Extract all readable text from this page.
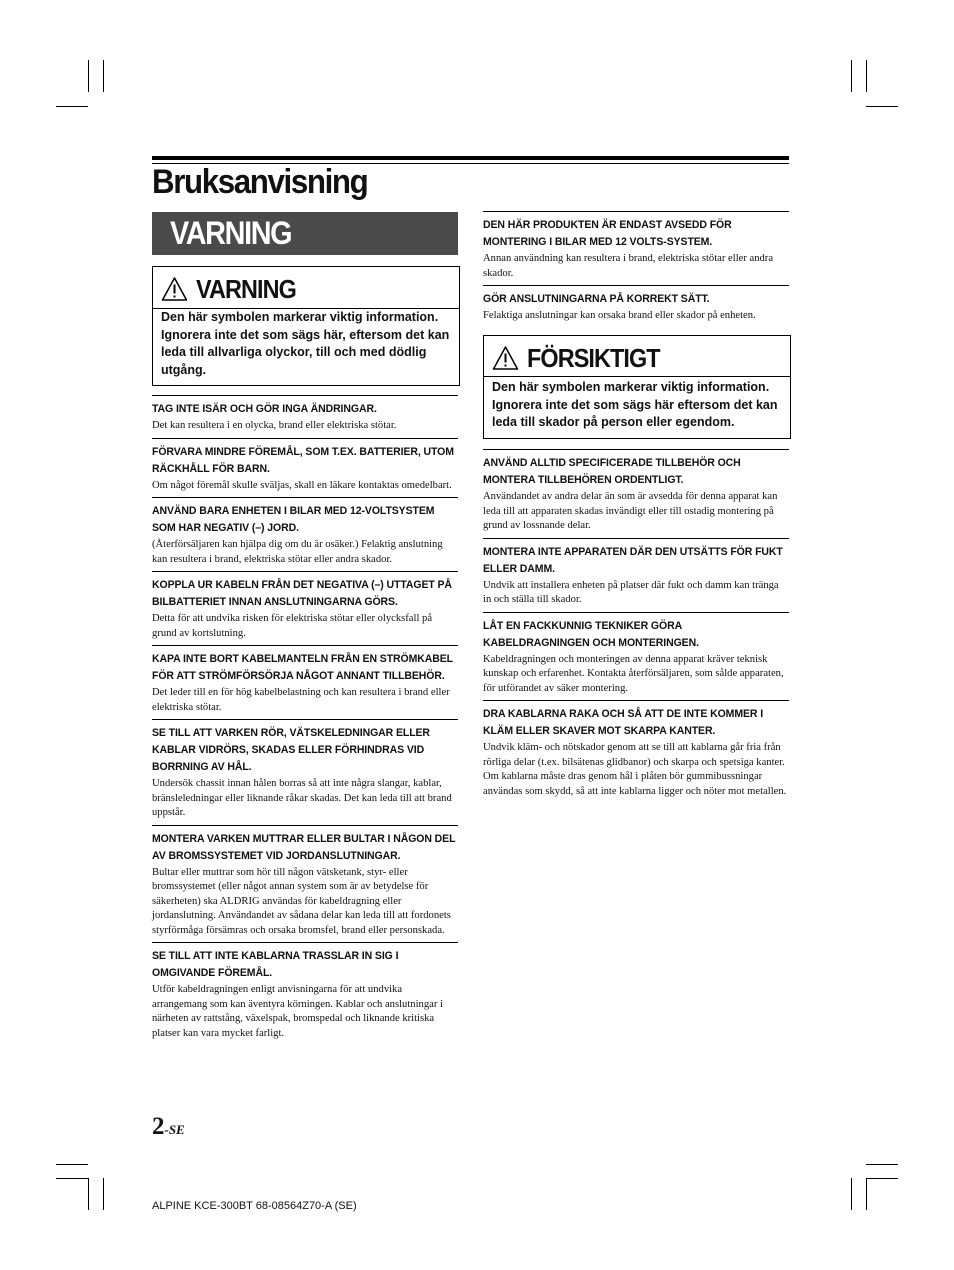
Bruksanvisning
VARNING
VARNING
Den här symbolen markerar viktig information. Ignorera inte det som sägs här, eftersom det kan leda till allvarliga olyckor, till och med dödlig utgång.
TAG INTE ISÄR OCH GÖR INGA ÄNDRINGAR.
Det kan resultera i en olycka, brand eller elektriska stötar.
FÖRVARA MINDRE FÖREMÅL, SOM T.EX. BATTERIER, UTOM RÄCKHÅLL FÖR BARN.
Om något föremål skulle sväljas, skall en läkare kontaktas omedelbart.
ANVÄND BARA ENHETEN I BILAR MED 12-VOLTSYSTEM SOM HAR NEGATIV (–) JORD.
(Återförsäljaren kan hjälpa dig om du är osäker.) Felaktig anslutning kan resultera i brand, elektriska stötar eller andra skador.
KOPPLA UR KABELN FRÅN DET NEGATIVA (–) UTTAGET PÅ BILBATTERIET INNAN ANSLUTNINGARNA GÖRS.
Detta för att undvika risken för elektriska stötar eller olycksfall på grund av kortslutning.
KAPA INTE BORT KABELMANTELN FRÅN EN STRÖMKABEL FÖR ATT STRÖMFÖRSÖRJA NÅGOT ANNANT TILLBEHÖR.
Det leder till en för hög kabelbelastning och kan resultera i brand eller elektriska stötar.
SE TILL ATT VARKEN RÖR, VÄTSKELEDNINGAR ELLER KABLAR VIDRÖRS, SKADAS ELLER FÖRHINDRAS VID BORRNING AV HÅL.
Undersök chassit innan hålen borras så att inte några slangar, kablar, bränsleledningar eller liknande råkar skadas. Det kan leda till att brand uppstår.
MONTERA VARKEN MUTTRAR ELLER BULTAR I NÅGON DEL AV BROMSSYSTEMET VID JORDANSLUTNINGAR.
Bultar eller muttrar som hör till någon vätsketank, styr- eller bromssystemet (eller något annan system som är av betydelse för säkerheten) ska ALDRIG användas för kabeldragning eller jordanslutning. Användandet av sådana delar kan leda till att fordonets styrförmåga försämras och orsaka bromsfel, brand eller personskada.
SE TILL ATT INTE KABLARNA TRASSLAR IN SIG I OMGIVANDE FÖREMÅL.
Utför kabeldragningen enligt anvisningarna för att undvika arrangemang som kan äventyra körningen. Kablar och anslutningar i närheten av rattstång, växelspak, bromspedal och liknande kritiska platser kan vara mycket farligt.
DEN HÄR PRODUKTEN ÄR ENDAST AVSEDD FÖR MONTERING I BILAR MED 12 VOLTS-SYSTEM.
Annan användning kan resultera i brand, elektriska stötar eller andra skador.
GÖR ANSLUTNINGARNA PÅ KORREKT SÄTT.
Felaktiga anslutningar kan orsaka brand eller skador på enheten.
FÖRSIKTIGT
Den här symbolen markerar viktig information. Ignorera inte det som sägs här eftersom det kan leda till skador på person eller egendom.
ANVÄND ALLTID SPECIFICERADE TILLBEHÖR OCH MONTERA TILLBEHÖREN ORDENTLIGT.
Användandet av andra delar än som är avsedda för denna apparat kan leda till att apparaten skadas invändigt eller till ostadig montering på grund av lossnande delar.
MONTERA INTE APPARATEN DÄR DEN UTSÄTTS FÖR FUKT ELLER DAMM.
Undvik att installera enheten på platser där fukt och damm kan tränga in och ställa till skador.
LÅT EN FACKKUNNIG TEKNIKER GÖRA KABELDRAGNINGEN OCH MONTERINGEN.
Kabeldragningen och monteringen av denna apparat kräver teknisk kunskap och erfarenhet. Kontakta återförsäljaren, som sålde apparaten, för utförandet av säker montering.
DRA KABLARNA RAKA OCH SÅ ATT DE INTE KOMMER I KLÄM ELLER SKAVER MOT SKARPA KANTER.
Undvik kläm- och nötskador genom att se till att kablarna går fria från rörliga delar (t.ex. bilsätenas glidbanor) och skarpa och spetsiga kanter. Om kablarna måste dras genom hål i plåten bör gummibussningar användas som skydd, så att inte kablarna ligger och nöter mot metallen.
2-SE
ALPINE KCE-300BT 68-08564Z70-A (SE)
